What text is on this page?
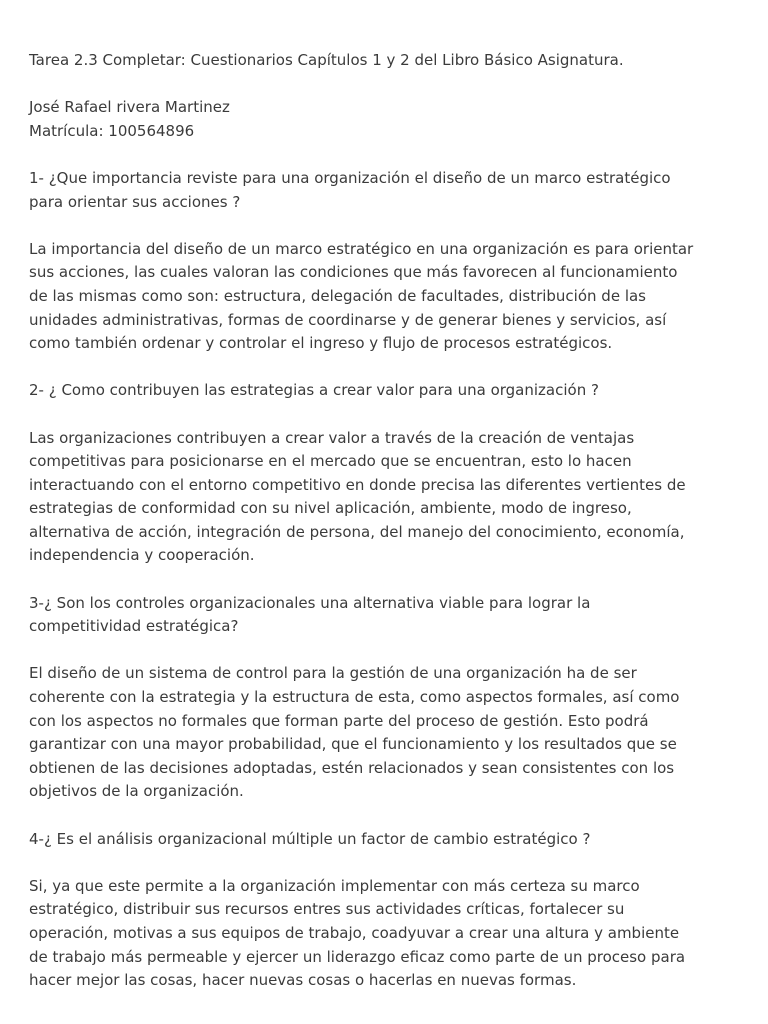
Tarea 2.3 Completar: Cuestionarios Capítulos 1 y 2 del Libro Básico Asignatura.

José Rafael rivera Martinez
Matrícula: 100564896

1- ¿Que importancia reviste para una organización el diseño de un marco estratégico
para orientar sus acciones ?

La importancia del diseño de un marco estratégico en una organización es para orientar
sus acciones, las cuales valoran las condiciones que más favorecen al funcionamiento
de las mismas como son: estructura, delegación de facultades, distribución de las
unidades administrativas, formas de coordinarse y de generar bienes y servicios, así
como también ordenar y controlar el ingreso y flujo de procesos estratégicos.

2- ¿ Como contribuyen las estrategias a crear valor para una organización ?

Las organizaciones contribuyen a crear valor a través de la creación de ventajas
competitivas para posicionarse en el mercado que se encuentran, esto lo hacen
interactuando con el entorno competitivo en donde precisa las diferentes vertientes de
estrategias de conformidad con su nivel aplicación, ambiente, modo de ingreso,
alternativa de acción, integración de persona, del manejo del conocimiento, economía,
independencia y cooperación.

3-¿ Son los controles organizacionales una alternativa viable para lograr la
competitividad estratégica?

El diseño de un sistema de control para la gestión de una organización ha de ser
coherente con la estrategia y la estructura de esta, como aspectos formales, así como
con los aspectos no formales que forman parte del proceso de gestión. Esto podrá
garantizar con una mayor probabilidad, que el funcionamiento y los resultados que se
obtienen de las decisiones adoptadas, estén relacionados y sean consistentes con los
objetivos de la organización.

4-¿ Es el análisis organizacional múltiple un factor de cambio estratégico ?

Si, ya que este permite a la organización implementar con más certeza su marco
estratégico, distribuir sus recursos entres sus actividades críticas, fortalecer su
operación, motivas a sus equipos de trabajo, coadyuvar a crear una altura y ambiente
de trabajo más permeable y ejercer un liderazgo eficaz como parte de un proceso para
hacer mejor las cosas, hacer nuevas cosas o hacerlas en nuevas formas.
